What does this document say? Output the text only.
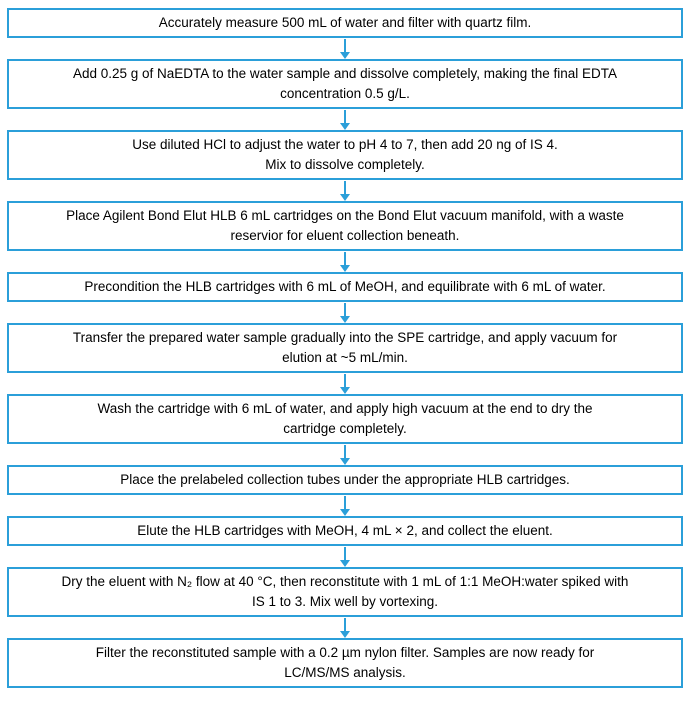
Accurately measure 500 mL of water and filter with quartz film.
Add 0.25 g of NaEDTA to the water sample and dissolve completely, making the final EDTA
concentration 0.5 g/L.
Use diluted HCl to adjust the water to pH 4 to 7, then add 20 ng of IS 4.
Mix to dissolve completely.
Place Agilent Bond Elut HLB 6 mL cartridges on the Bond Elut vacuum manifold, with a waste
reservior for eluent collection beneath.
Precondition the HLB cartridges with 6 mL of MeOH, and equilibrate with 6 mL of water.
Transfer the prepared water sample gradually into the SPE cartridge, and apply vacuum for
elution at ~5 mL/min.
Wash the cartridge with 6 mL of water, and apply high vacuum at the end to dry the
cartridge completely.
Place the prelabeled collection tubes under the appropriate HLB cartridges.
Elute the HLB cartridges with MeOH, 4 mL × 2, and collect the eluent.
Dry the eluent with N₂ flow at 40 °C, then reconstitute with 1 mL of 1:1 MeOH:water spiked with
IS 1 to 3. Mix well by vortexing.
Filter the reconstituted sample with a 0.2 µm nylon filter. Samples are now ready for
LC/MS/MS analysis.
